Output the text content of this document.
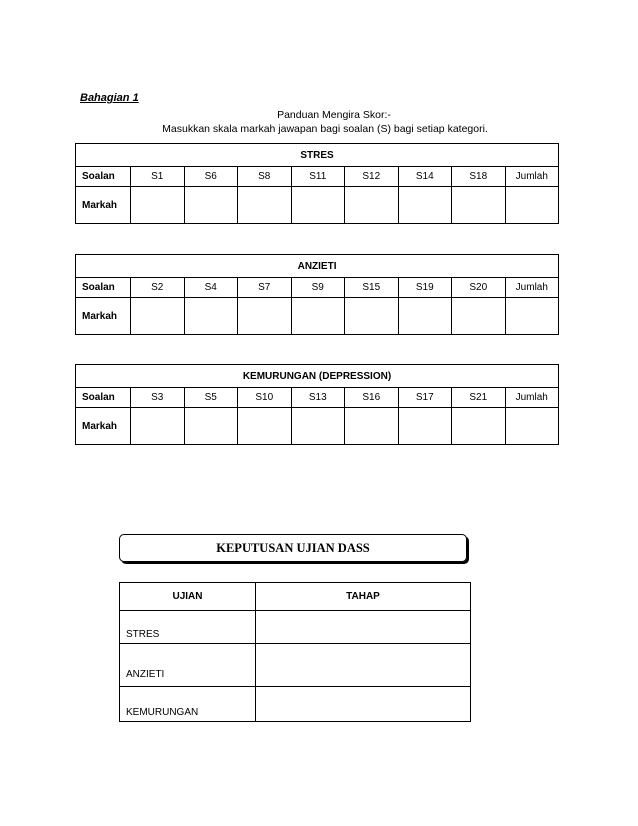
Bahagian 1
Panduan Mengira Skor:-
Masukkan skala markah jawapan bagi soalan (S) bagi setiap kategori.
STRES								
Soalan	S1	S6	S8	S11	S12	S14	S18	Jumlah
Markah								
ANZIETI								
Soalan	S2	S4	S7	S9	S15	S19	S20	Jumlah
Markah								
KEMURUNGAN (DEPRESSION)								
Soalan	S3	S5	S10	S13	S16	S17	S21	Jumlah
Markah								
KEPUTUSAN UJIAN DASS
UJIAN	TAHAP
STRES	
ANZIETI	
KEMURUNGAN	
